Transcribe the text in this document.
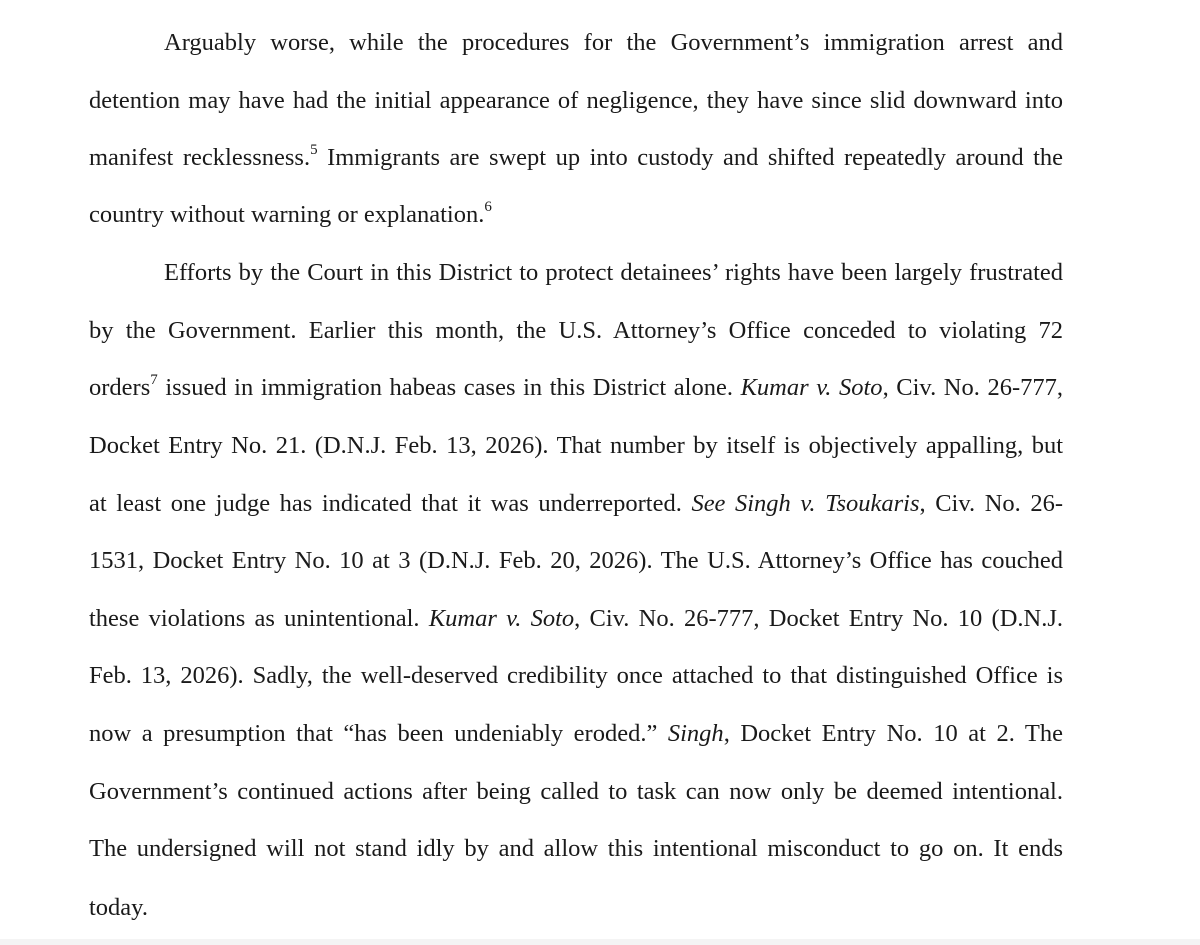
Arguably worse, while the procedures for the Government’s immigration arrest and
detention may have had the initial appearance of negligence, they have since slid downward into
manifest recklessness.$^5$ Immigrants are swept up into custody and shifted repeatedly around the
country without warning or explanation.$^6$
Efforts by the Court in this District to protect detainees’ rights have been largely frustrated
by the Government. Earlier this month, the U.S. Attorney’s Office conceded to violating 72
orders$^7$ issued in immigration habeas cases in this District alone. Kumar v. Soto, Civ. No. 26-777,
Docket Entry No. 21. (D.N.J. Feb. 13, 2026). That number by itself is objectively appalling, but
at least one judge has indicated that it was underreported. See Singh v. Tsoukaris, Civ. No. 26-
1531, Docket Entry No. 10 at 3 (D.N.J. Feb. 20, 2026). The U.S. Attorney’s Office has couched
these violations as unintentional. Kumar v. Soto, Civ. No. 26-777, Docket Entry No. 10 (D.N.J.
Feb. 13, 2026). Sadly, the well-deserved credibility once attached to that distinguished Office is
now a presumption that “has been undeniably eroded.” Singh, Docket Entry No. 10 at 2. The
Government’s continued actions after being called to task can now only be deemed intentional.
The undersigned will not stand idly by and allow this intentional misconduct to go on. It ends
today.
